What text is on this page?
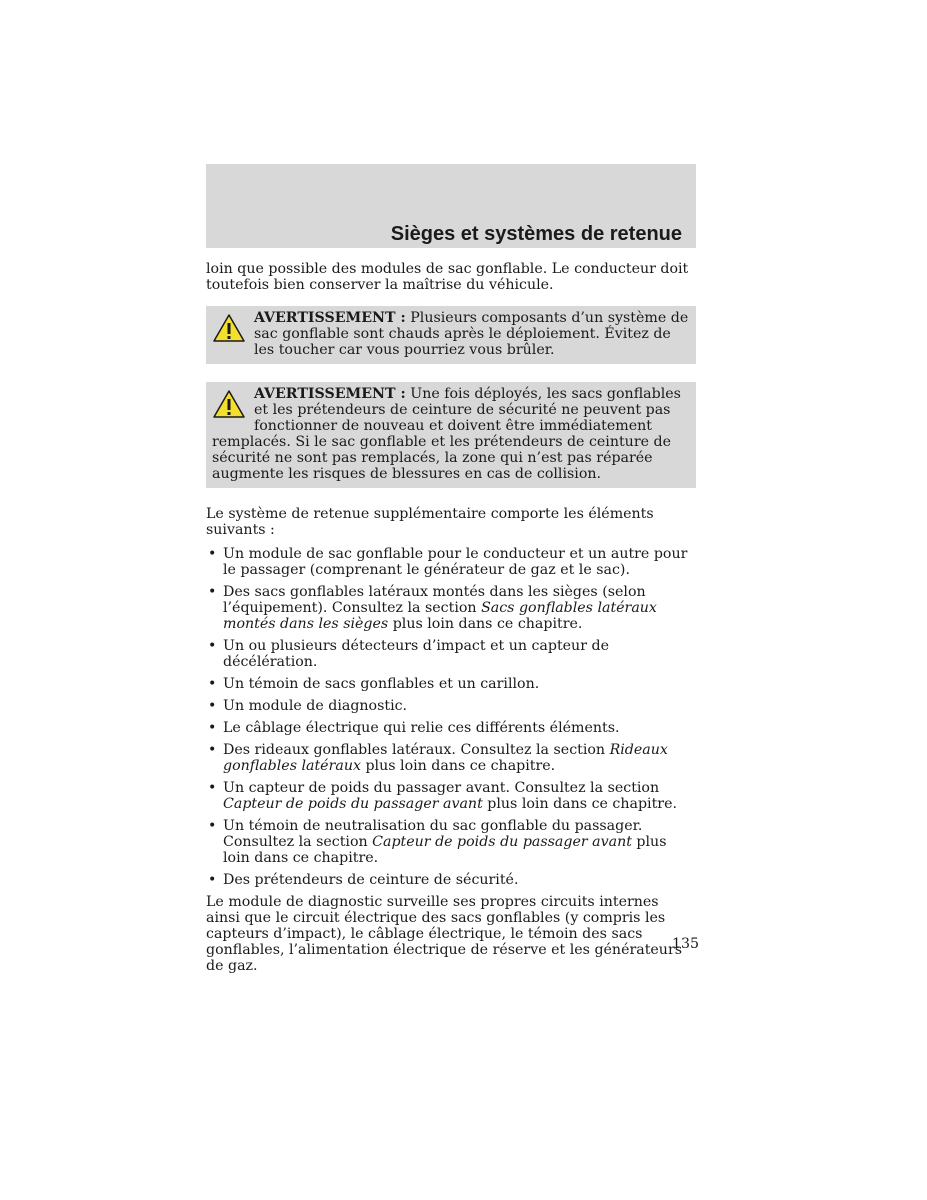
Sièges et systèmes de retenue

loin que possible des modules de sac gonflable. Le conducteur doit toutefois bien conserver la maîtrise du véhicule.

AVERTISSEMENT : Plusieurs composants d’un système de sac gonflable sont chauds après le déploiement. Évitez de les toucher car vous pourriez vous brûler.

AVERTISSEMENT : Une fois déployés, les sacs gonflables et les prétendeurs de ceinture de sécurité ne peuvent pas fonctionner de nouveau et doivent être immédiatement remplacés. Si le sac gonflable et les prétendeurs de ceinture de sécurité ne sont pas remplacés, la zone qui n’est pas réparée augmente les risques de blessures en cas de collision.

Le système de retenue supplémentaire comporte les éléments suivants :

• Un module de sac gonflable pour le conducteur et un autre pour le passager (comprenant le générateur de gaz et le sac).
• Des sacs gonflables latéraux montés dans les sièges (selon l’équipement). Consultez la section Sacs gonflables latéraux montés dans les sièges plus loin dans ce chapitre.
• Un ou plusieurs détecteurs d’impact et un capteur de décélération.
• Un témoin de sacs gonflables et un carillon.
• Un module de diagnostic.
• Le câblage électrique qui relie ces différents éléments.
• Des rideaux gonflables latéraux. Consultez la section Rideaux gonflables latéraux plus loin dans ce chapitre.
• Un capteur de poids du passager avant. Consultez la section Capteur de poids du passager avant plus loin dans ce chapitre.
• Un témoin de neutralisation du sac gonflable du passager. Consultez la section Capteur de poids du passager avant plus loin dans ce chapitre.
• Des prétendeurs de ceinture de sécurité.

Le module de diagnostic surveille ses propres circuits internes ainsi que le circuit électrique des sacs gonflables (y compris les capteurs d’impact), le câblage électrique, le témoin des sacs gonflables, l’alimentation électrique de réserve et les générateurs de gaz.

135
